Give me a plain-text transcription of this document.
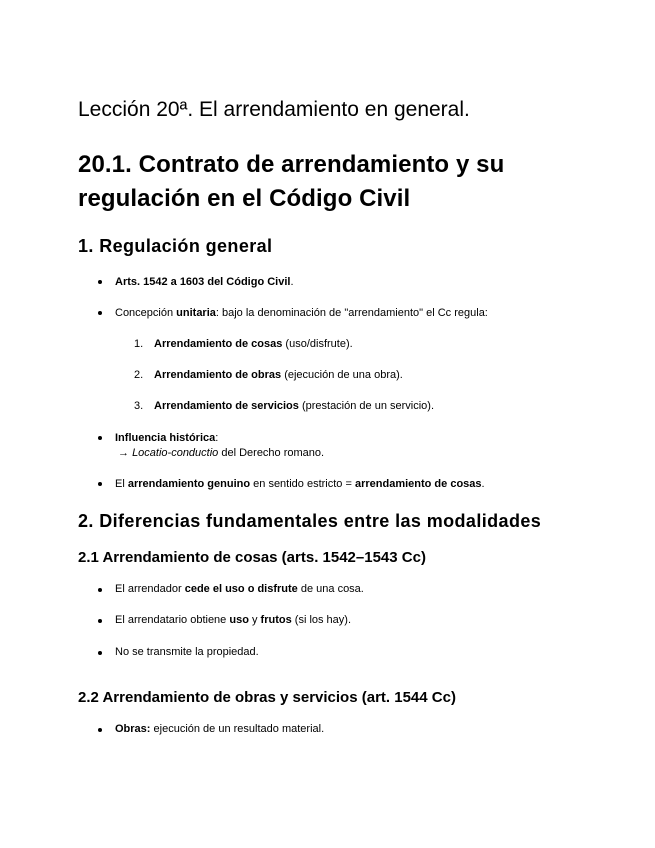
Lección 20ª. El arrendamiento en general.
20.1. Contrato de arrendamiento y su
regulación en el Código Civil
1. Regulación general
Arts. 1542 a 1603 del Código Civil.
Concepción unitaria: bajo la denominación de "arrendamiento" el Cc regula:
1. Arrendamiento de cosas (uso/disfrute).
2. Arrendamiento de obras (ejecución de una obra).
3. Arrendamiento de servicios (prestación de un servicio).
Influencia histórica:
→ Locatio-conductio del Derecho romano.
El arrendamiento genuino en sentido estricto = arrendamiento de cosas.
2. Diferencias fundamentales entre las modalidades
2.1 Arrendamiento de cosas (arts. 1542–1543 Cc)
El arrendador cede el uso o disfrute de una cosa.
El arrendatario obtiene uso y frutos (si los hay).
No se transmite la propiedad.
2.2 Arrendamiento de obras y servicios (art. 1544 Cc)
Obras: ejecución de un resultado material.
